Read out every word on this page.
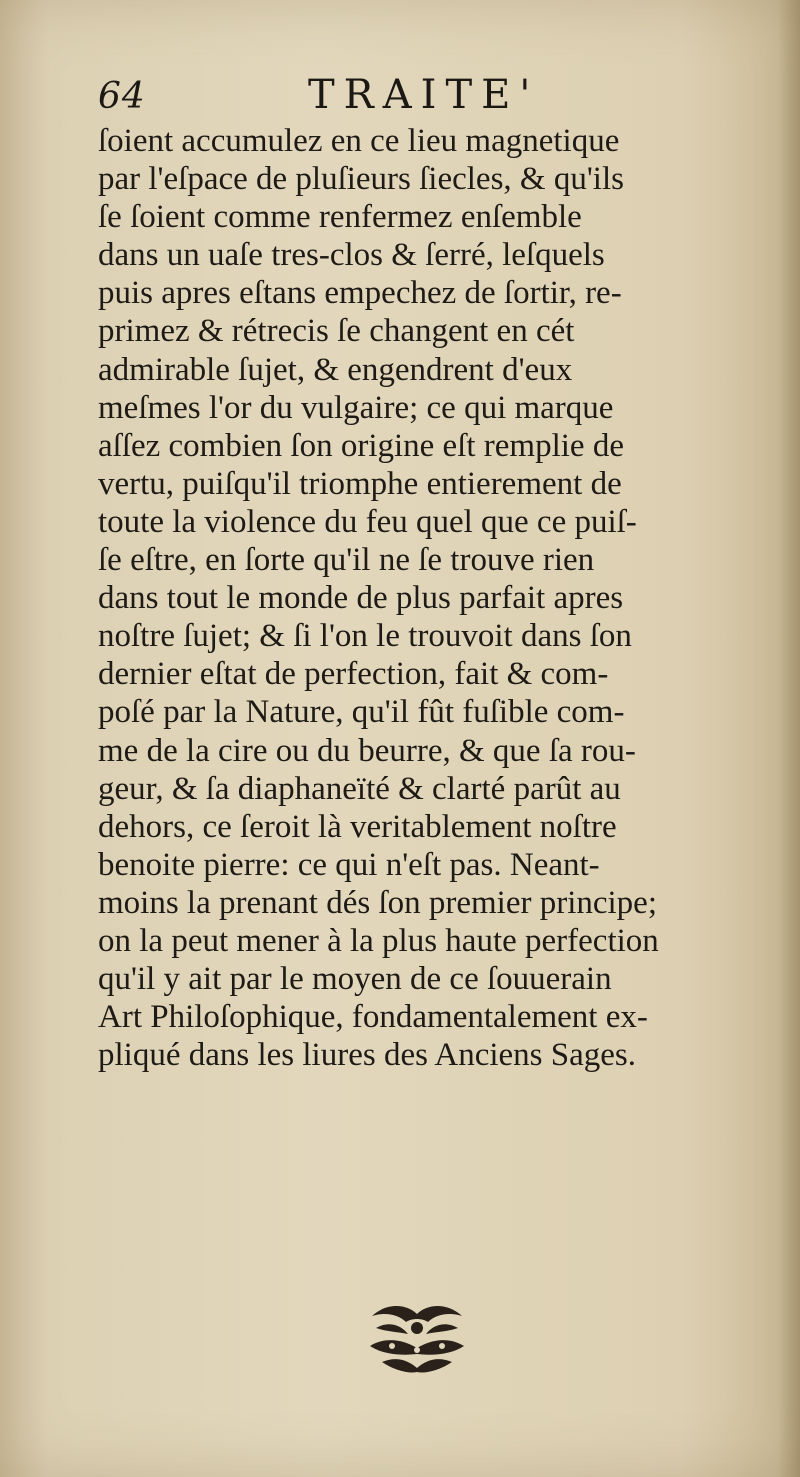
64	TRAITE'
ſoient accumulez en ce lieu magnetique
par l'eſpace de pluſieurs ſiecles, & qu'ils
ſe ſoient comme renfermez enſemble
dans un uaſe tres-clos & ſerré, leſquels
puis apres eſtans empechez de ſortir, re-
primez & rétrecis ſe changent en cét
admirable ſujet, & engendrent d'eux
meſmes l'or du vulgaire; ce qui marque
aſſez combien ſon origine eſt remplie de
vertu, puiſqu'il triomphe entierement de
toute la violence du feu quel que ce puiſ-
ſe eſtre, en ſorte qu'il ne ſe trouve rien
dans tout le monde de plus parfait apres
noſtre ſujet; & ſi l'on le trouvoit dans ſon
dernier eſtat de perfection, fait & com-
poſé par la Nature, qu'il fût fuſible com-
me de la cire ou du beurre, & que ſa rou-
geur, & ſa diaphaneïté & clarté parût au
dehors, ce ſeroit là veritablement noſtre
benoite pierre: ce qui n'eſt pas. Neant-
moins la prenant dés ſon premier principe;
on la peut mener à la plus haute perfection
qu'il y ait par le moyen de ce ſouuerain
Art Philoſophique, fondamentalement ex-
pliqué dans les liures des Anciens Sages.
